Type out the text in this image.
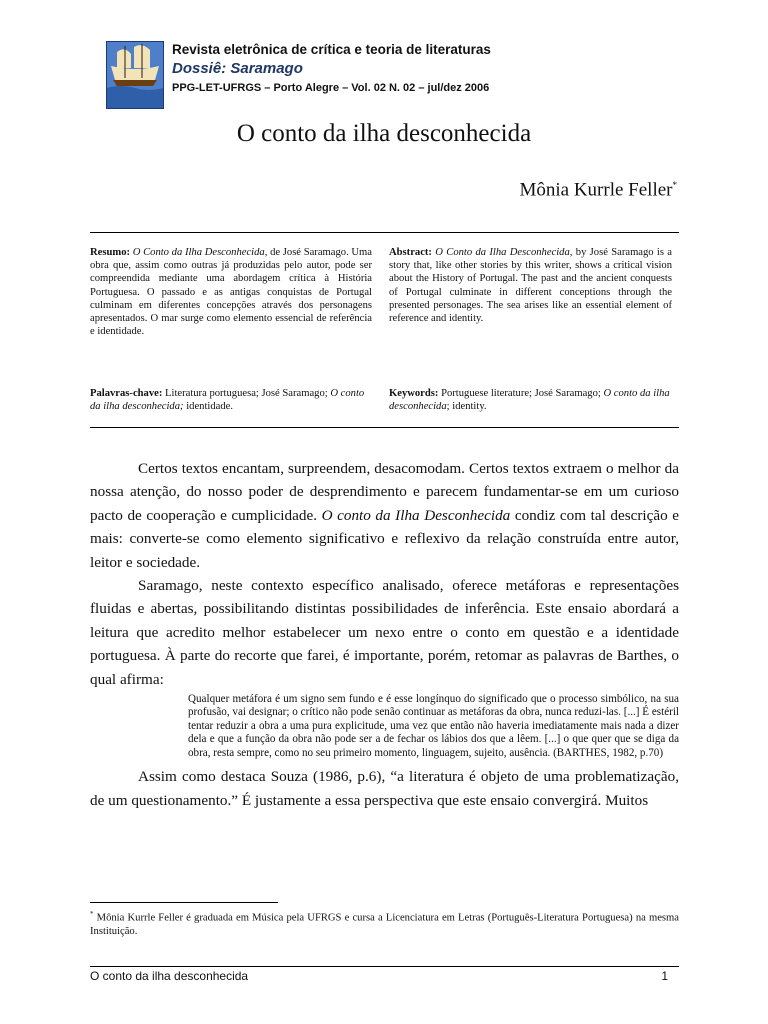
Revista eletrônica de crítica e teoria de literaturas
Dossiê: Saramago
PPG-LET-UFRGS – Porto Alegre – Vol. 02 N. 02 – jul/dez 2006
O conto da ilha desconhecida
Mônia Kurrle Feller*
Resumo: O Conto da Ilha Desconhecida, de José Saramago. Uma obra que, assim como outras já produzidas pelo autor, pode ser compreendida mediante uma abordagem crítica à História Portuguesa. O passado e as antigas conquistas de Portugal culminam em diferentes concepções através dos personagens apresentados. O mar surge como elemento essencial de referência e identidade.
Abstract: O Conto da Ilha Desconhecida, by José Saramago is a story that, like other stories by this writer, shows a critical vision about the History of Portugal. The past and the ancient conquests of Portugal culminate in different conceptions through the presented personages. The sea arises like an essential element of reference and identity.
Palavras-chave: Literatura portuguesa; José Saramago; O conto da ilha desconhecida; identidade.
Keywords: Portuguese literature; José Saramago; O conto da ilha desconhecida; identity.

Certos textos encantam, surpreendem, desacomodam. Certos textos extraem o melhor da nossa atenção, do nosso poder de desprendimento e parecem fundamentar-se em um curioso pacto de cooperação e cumplicidade. O conto da Ilha Desconhecida condiz com tal descrição e mais: converte-se como elemento significativo e reflexivo da relação construída entre autor, leitor e sociedade.

Saramago, neste contexto específico analisado, oferece metáforas e representações fluidas e abertas, possibilitando distintas possibilidades de inferência. Este ensaio abordará a leitura que acredito melhor estabelecer um nexo entre o conto em questão e a identidade portuguesa. À parte do recorte que farei, é importante, porém, retomar as palavras de Barthes, o qual afirma:

Qualquer metáfora é um signo sem fundo e é esse longínquo do significado que o processo simbólico, na sua profusão, vai designar; o crítico não pode senão continuar as metáforas da obra, nunca reduzi-las. [...] É estéril tentar reduzir a obra a uma pura explicitude, uma vez que então não haveria imediatamente mais nada a dizer dela e que a função da obra não pode ser a de fechar os lábios dos que a lêem. [...] o que quer que se diga da obra, resta sempre, como no seu primeiro momento, linguagem, sujeito, ausência. (BARTHES, 1982, p.70)

Assim como destaca Souza (1986, p.6), “a literatura é objeto de uma problematização, de um questionamento.” É justamente a essa perspectiva que este ensaio convergirá. Muitos

* Mônia Kurrle Feller é graduada em Música pela UFRGS e cursa a Licenciatura em Letras (Português-Literatura Portuguesa) na mesma Instituição.
O conto da ilha desconhecida	1
